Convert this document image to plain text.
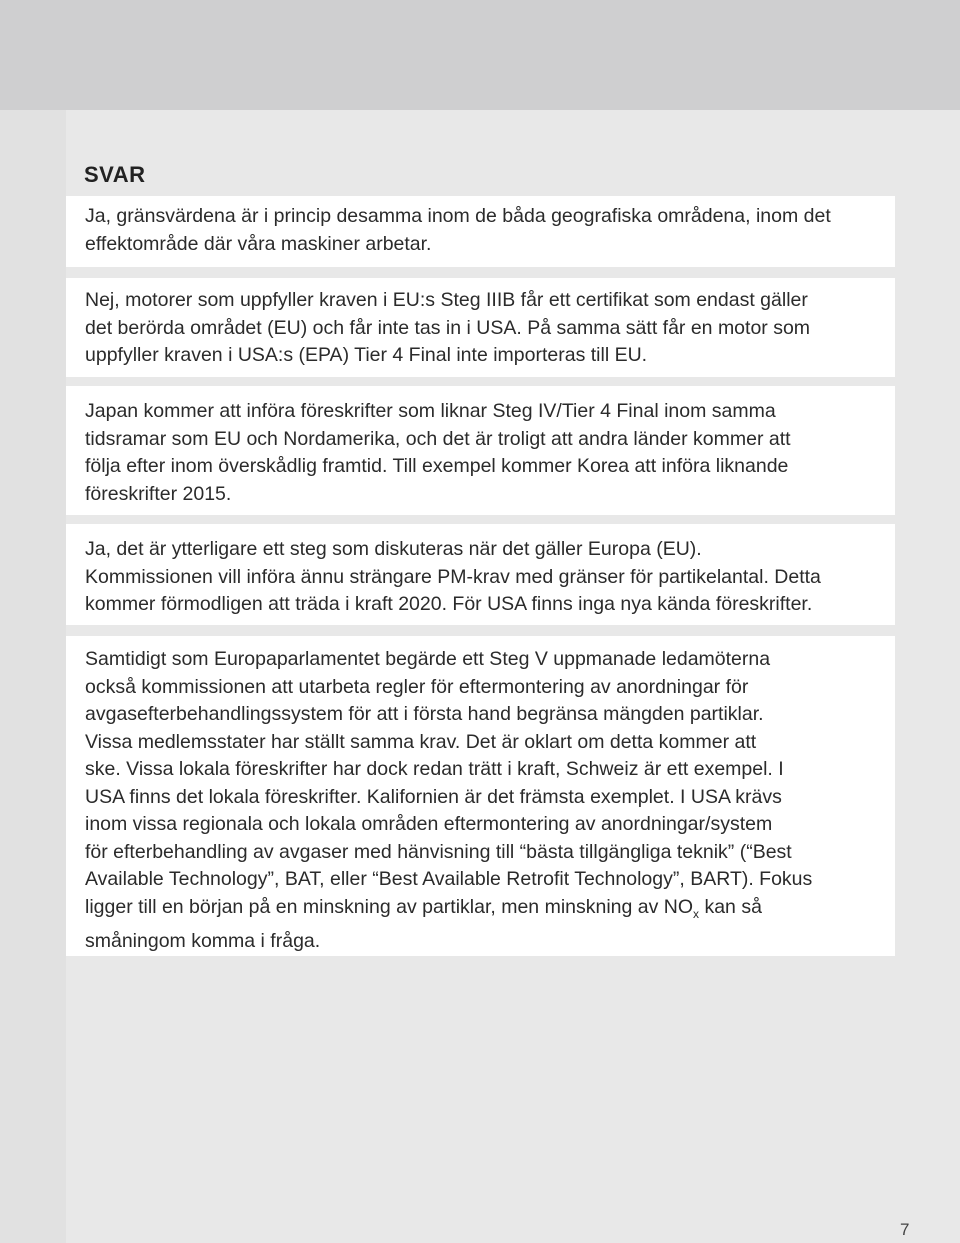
SVAR
Ja, gränsvärdena är i princip desamma inom de båda geografiska områdena, inom det
effektområde där våra maskiner arbetar.
Nej, motorer som uppfyller kraven i EU:s Steg IIIB får ett certifikat som endast gäller
det berörda området (EU) och får inte tas in i USA. På samma sätt får en motor som
uppfyller kraven i USA:s (EPA) Tier 4 Final inte importeras till EU.
Japan kommer att införa föreskrifter som liknar Steg IV/Tier 4 Final inom samma
tidsramar som EU och Nordamerika, och det är troligt att andra länder kommer att
följa efter inom överskådlig framtid. Till exempel kommer Korea att införa liknande
föreskrifter 2015.
Ja, det är ytterligare ett steg som diskuteras när det gäller Europa (EU).
Kommissionen vill införa ännu strängare PM-krav med gränser för partikelantal. Detta
kommer förmodligen att träda i kraft 2020. För USA finns inga nya kända föreskrifter.
Samtidigt som Europaparlamentet begärde ett Steg V uppmanade ledamöterna
också kommissionen att utarbeta regler för eftermontering av anordningar för
avgasefterbehandlingssystem för att i första hand begränsa mängden partiklar.
Vissa medlemsstater har ställt samma krav. Det är oklart om detta kommer att
ske. Vissa lokala föreskrifter har dock redan trätt i kraft, Schweiz är ett exempel. I
USA finns det lokala föreskrifter. Kalifornien är det främsta exemplet. I USA krävs
inom vissa regionala och lokala områden eftermontering av anordningar/system
för efterbehandling av avgaser med hänvisning till “bästa tillgängliga teknik” (“Best
Available Technology”, BAT, eller “Best Available Retrofit Technology”, BART). Fokus
ligger till en början på en minskning av partiklar, men minskning av $NO_x$ kan så
småningom komma i fråga.
7
